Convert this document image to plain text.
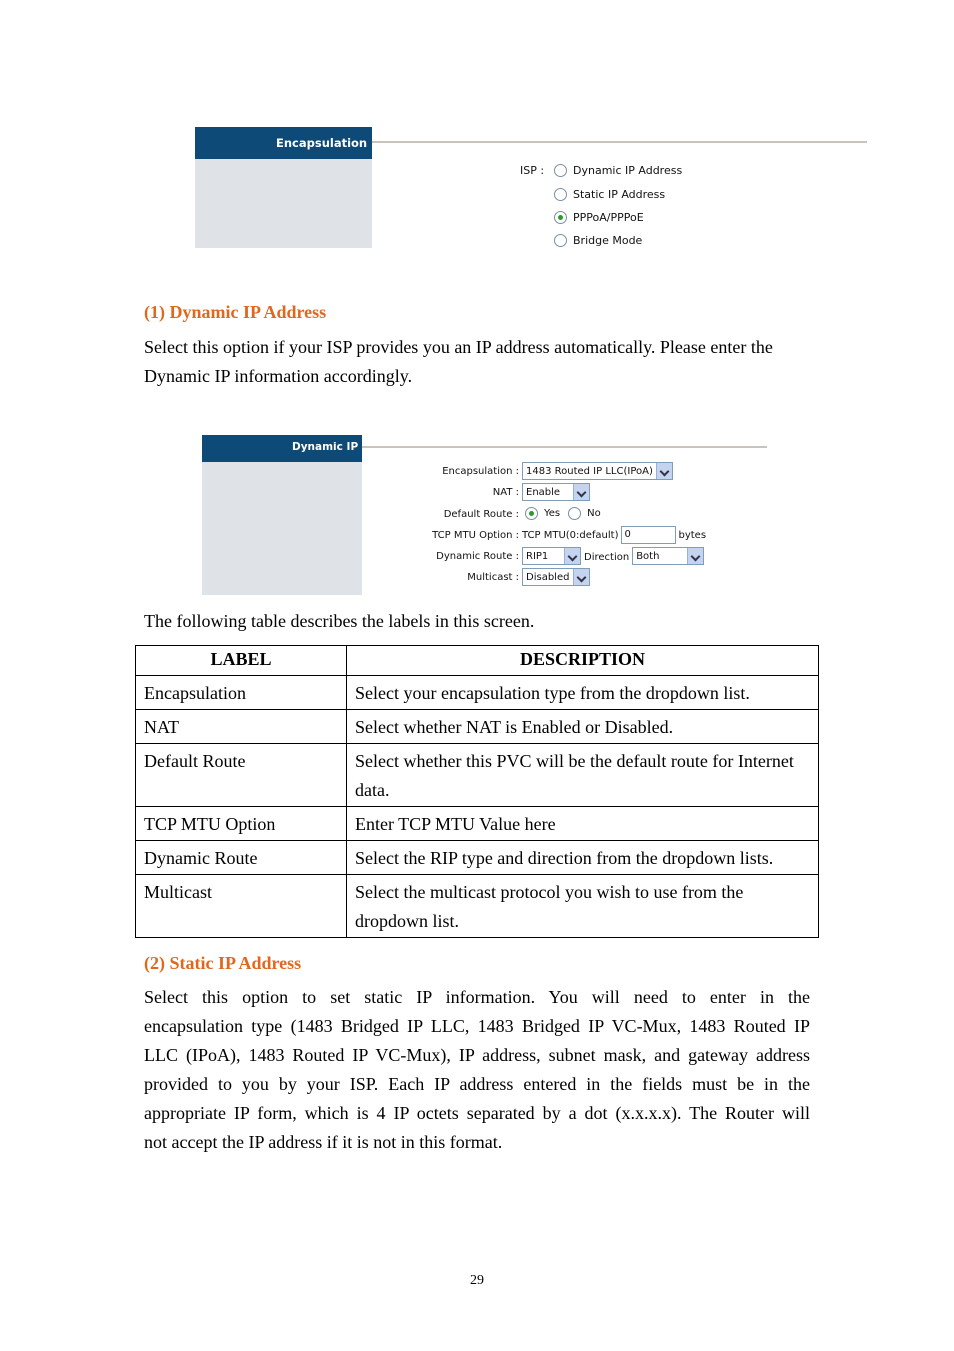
Encapsulation
ISP :	Dynamic IP Address
Static IP Address
PPPoA/PPPoE
Bridge Mode
(1) Dynamic IP Address
Select this option if your ISP provides you an IP address automatically. Please enter the
Dynamic IP information accordingly.
Dynamic IP
Encapsulation : 1483 Routed IP LLC(IPoA)
NAT : Enable
Default Route :	Yes	No
TCP MTU Option : TCP MTU(0:default) 0	bytes
Dynamic Route : RIP1	Direction Both
Multicast : Disabled
The following table describes the labels in this screen.
LABEL	DESCRIPTION
Encapsulation	Select your encapsulation type from the dropdown list.
NAT	Select whether NAT is Enabled or Disabled.
Default Route	Select whether this PVC will be the default route for Internet data.
TCP MTU Option	Enter TCP MTU Value here
Dynamic Route	Select the RIP type and direction from the dropdown lists.
Multicast	Select the multicast protocol you wish to use from the dropdown list.
(2) Static IP Address
Select this option to set static IP information. You will need to enter in the
encapsulation type (1483 Bridged IP LLC, 1483 Bridged IP VC-Mux, 1483 Routed IP
LLC (IPoA), 1483 Routed IP VC-Mux), IP address, subnet mask, and gateway address
provided to you by your ISP. Each IP address entered in the fields must be in the
appropriate IP form, which is 4 IP octets separated by a dot (x.x.x.x). The Router will
not accept the IP address if it is not in this format.
29
